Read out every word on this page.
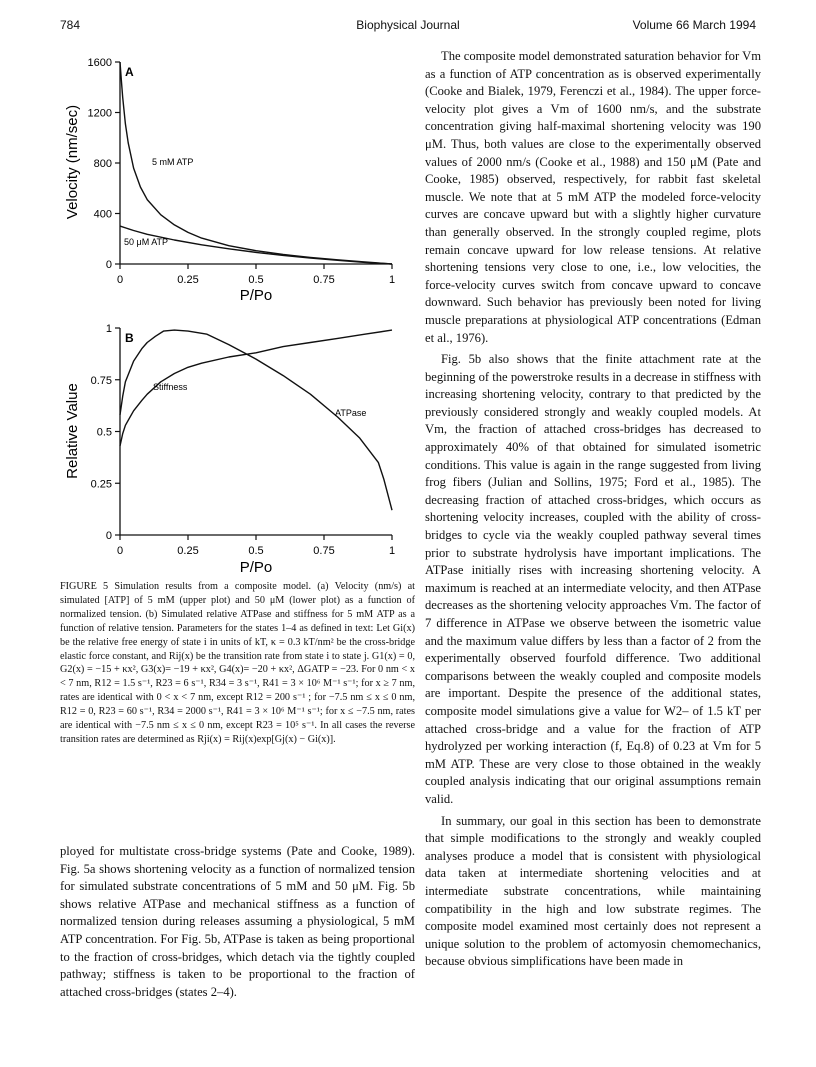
784	Biophysical Journal	Volume 66 March 1994
0
400
800
1200
1600
0	0.25	0.5	0.75	1
A
5 mM ATP
50 μM ATP
Velocity (nm/sec)
P/Po
0
0.25
0.5
0.75
1
0	0.25	0.5	0.75	1
B
Stiffness
ATPase
Relative Value
P/Po
FIGURE 5 Simulation results from a composite model. (a) Velocity (nm/s) at simulated [ATP] of 5 mM (upper plot) and 50 μM (lower plot) as a function of normalized tension. (b) Simulated relative ATPase and stiffness for 5 mM ATP as a function of relative tension. Parameters for the states 1–4 as defined in text: Let Gi(x) be the relative free energy of state i in units of kT, κ = 0.3 kT/nm² be the cross-bridge elastic force constant, and Rij(x) be the transition rate from state i to state j. G1(x) = 0, G2(x) = −15 + κx², G3(x)= −19 + κx², G4(x)= −20 + κx², ΔGATP = −23. For 0 nm < x < 7 nm, R12 = 1.5 s⁻¹, R23 = 6 s⁻¹, R34 = 3 s⁻¹, R41 = 3 × 10⁶ M⁻¹ s⁻¹; for x ≥ 7 nm, rates are identical with 0 < x < 7 nm, except R12 = 200 s⁻¹ ; for −7.5 nm ≤ x ≤ 0 nm, R12 = 0, R23 = 60 s⁻¹, R34 = 2000 s⁻¹, R41 = 3 × 10⁶ M⁻¹ s⁻¹; for x ≤ −7.5 nm, rates are identical with −7.5 nm ≤ x ≤ 0 nm, except R23 = 10⁵ s⁻¹. In all cases the reverse transition rates are determined as Rji(x) = Rij(x)exp[Gj(x) − Gi(x)].

ployed for multistate cross-bridge systems (Pate and Cooke, 1989). Fig. 5a shows shortening velocity as a function of normalized tension for simulated substrate concentrations of 5 mM and 50 μM. Fig. 5b shows relative ATPase and mechanical stiffness as a function of normalized tension during releases assuming a physiological, 5 mM ATP concentration. For Fig. 5b, ATPase is taken as being proportional to the fraction of cross-bridges, which detach via the tightly coupled pathway; stiffness is taken to be proportional to the fraction of attached cross-bridges (states 2–4).

The composite model demonstrated saturation behavior for Vm as a function of ATP concentration as is observed experimentally (Cooke and Bialek, 1979, Ferenczi et al., 1984). The upper force-velocity plot gives a Vm of 1600 nm/s, and the substrate concentration giving half-maximal shortening velocity was 190 μM. Thus, both values are close to the experimentally observed values of 2000 nm/s (Cooke et al., 1988) and 150 μM (Pate and Cooke, 1985) observed, respectively, for rabbit fast skeletal muscle. We note that at 5 mM ATP the modeled force-velocity curves are concave upward but with a slightly higher curvature than generally observed. In the strongly coupled regime, plots remain concave upward for low release tensions. At relative shortening tensions very close to one, i.e., low velocities, the force-velocity curves switch from concave upward to concave downward. Such behavior has previously been noted for living muscle preparations at physiological ATP concentrations (Edman et al., 1976).

Fig. 5b also shows that the finite attachment rate at the beginning of the powerstroke results in a decrease in stiffness with increasing shortening velocity, contrary to that predicted by the previously considered strongly and weakly coupled models. At Vm, the fraction of attached cross-bridges has decreased to approximately 40% of that obtained for simulated isometric conditions. This value is again in the range suggested from living frog fibers (Julian and Sollins, 1975; Ford et al., 1985). The decreasing fraction of attached cross-bridges, which occurs as shortening velocity increases, coupled with the ability of cross-bridges to cycle via the weakly coupled pathway several times prior to substrate hydrolysis have important implications. The ATPase initially rises with increasing shortening velocity. A maximum is reached at an intermediate velocity, and then ATPase decreases as the shortening velocity approaches Vm. The factor of 7 difference in ATPase we observe between the isometric value and the maximum value differs by less than a factor of 2 from the experimentally observed fourfold difference. Two additional comparisons between the weakly coupled and composite models are important. Despite the presence of the additional states, composite model simulations give a value for W2– of 1.5 kT per attached cross-bridge and a value for the fraction of ATP hydrolyzed per working interaction (f, Eq.8) of 0.23 at Vm for 5 mM ATP. These are very close to those obtained in the weakly coupled analysis indicating that our original assumptions remain valid.

In summary, our goal in this section has been to demonstrate that simple modifications to the strongly and weakly coupled analyses produce a model that is consistent with physiological data taken at intermediate shortening velocities and at intermediate substrate concentrations, while maintaining compatibility in the high and low substrate regimes. The composite model examined most certainly does not represent a unique solution to the problem of actomyosin chemomechanics, because obvious simplifications have been made in
